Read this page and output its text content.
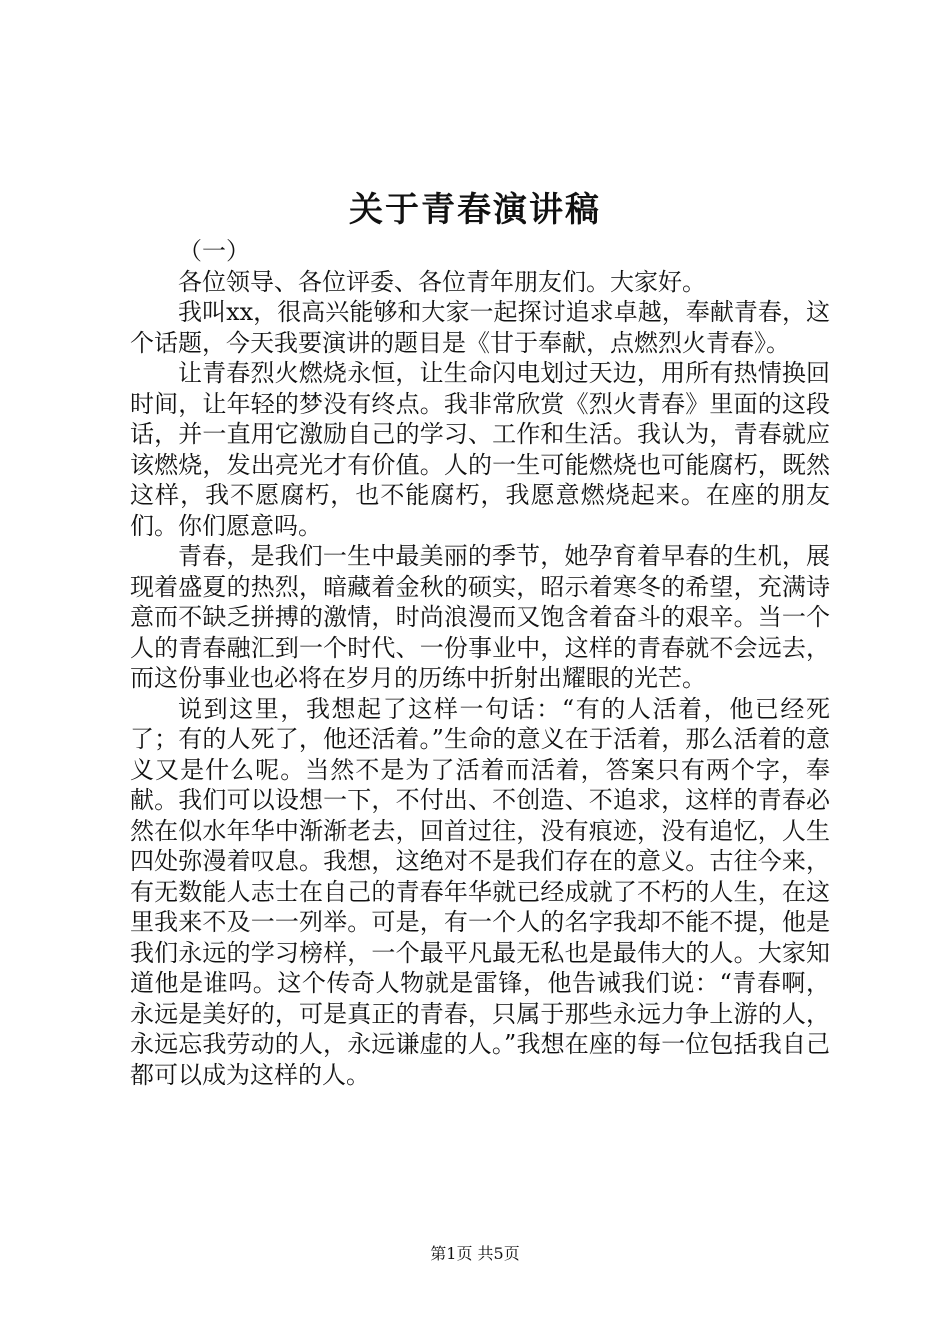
关于青春演讲稿

（一）

各位领导、各位评委、各位青年朋友们。大家好。

我叫xx，很高兴能够和大家一起探讨追求卓越，奉献青春，这个话题，今天我要演讲的题目是《甘于奉献，点燃烈火青春》。

让青春烈火燃烧永恒，让生命闪电划过天边，用所有热情换回时间，让年轻的梦没有终点。我非常欣赏《烈火青春》里面的这段话，并一直用它激励自己的学习、工作和生活。我认为，青春就应该燃烧，发出亮光才有价值。人的一生可能燃烧也可能腐朽，既然这样，我不愿腐朽，也不能腐朽，我愿意燃烧起来。在座的朋友们。你们愿意吗。

青春，是我们一生中最美丽的季节，她孕育着早春的生机，展现着盛夏的热烈，暗藏着金秋的硕实，昭示着寒冬的希望，充满诗意而不缺乏拼搏的激情，时尚浪漫而又饱含着奋斗的艰辛。当一个人的青春融汇到一个时代、一份事业中，这样的青春就不会远去，而这份事业也必将在岁月的历练中折射出耀眼的光芒。

说到这里，我想起了这样一句话：“有的人活着，他已经死了；有的人死了，他还活着。”生命的意义在于活着，那么活着的意义又是什么呢。当然不是为了活着而活着，答案只有两个字，奉献。我们可以设想一下，不付出、不创造、不追求，这样的青春必然在似水年华中渐渐老去，回首过往，没有痕迹，没有追忆，人生四处弥漫着叹息。我想，这绝对不是我们存在的意义。古往今来，有无数能人志士在自己的青春年华就已经成就了不朽的人生，在这里我来不及一一列举。可是，有一个人的名字我却不能不提，他是我们永远的学习榜样，一个最平凡最无私也是最伟大的人。大家知道他是谁吗。这个传奇人物就是雷锋，他告诫我们说：“青春啊，永远是美好的，可是真正的青春，只属于那些永远力争上游的人，永远忘我劳动的人，永远谦虚的人。”我想在座的每一位包括我自己都可以成为这样的人。

第1页 共5页
